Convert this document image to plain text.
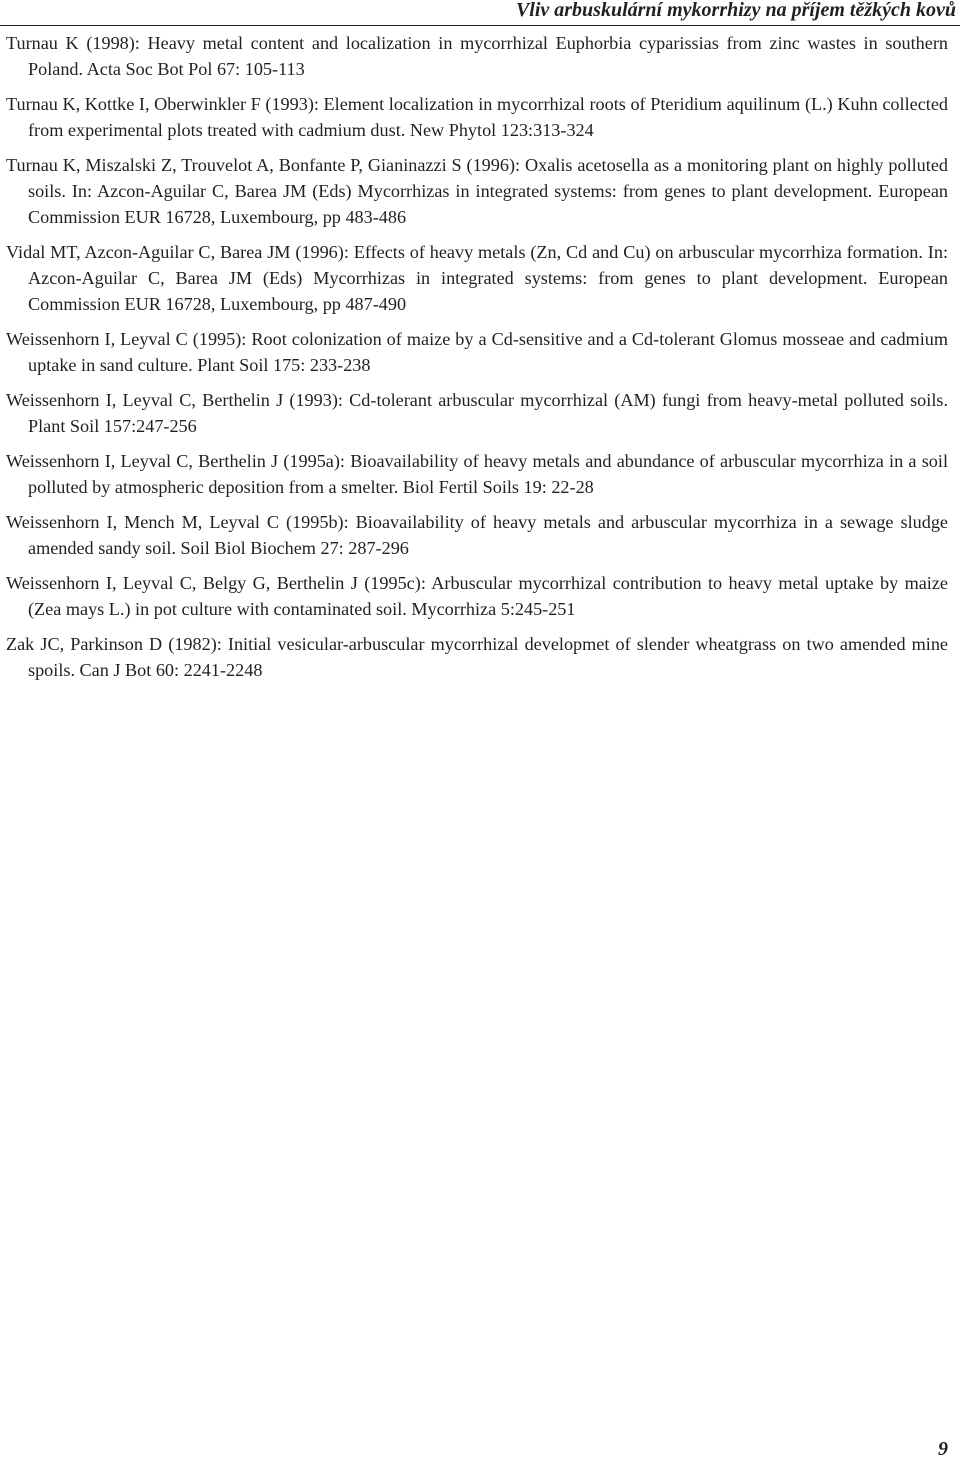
Vliv arbuskulární mykorrhizy na příjem těžkých kovů
Turnau K (1998): Heavy metal content and localization in mycorrhizal Euphorbia cyparissias from zinc wastes in southern Poland. Acta Soc Bot Pol 67: 105-113
Turnau K, Kottke I, Oberwinkler F (1993): Element localization in mycorrhizal roots of Pteridium aquilinum (L.) Kuhn collected from experimental plots treated with cadmium dust. New Phytol 123:313-324
Turnau K, Miszalski Z, Trouvelot A, Bonfante P, Gianinazzi S (1996): Oxalis acetosella as a monitoring plant on highly polluted soils. In: Azcon-Aguilar C, Barea JM (Eds) Mycorrhizas in integrated systems: from genes to plant development. European Commission EUR 16728, Luxembourg, pp 483-486
Vidal MT, Azcon-Aguilar C, Barea JM (1996): Effects of heavy metals (Zn, Cd and Cu) on arbuscular mycorrhiza formation. In: Azcon-Aguilar C, Barea JM (Eds) Mycorrhizas in integrated systems: from genes to plant development. European Commission EUR 16728, Luxembourg, pp 487-490
Weissenhorn I, Leyval C (1995): Root colonization of maize by a Cd-sensitive and a Cd-tolerant Glomus mosseae and cadmium uptake in sand culture. Plant Soil 175: 233-238
Weissenhorn I, Leyval C, Berthelin J (1993): Cd-tolerant arbuscular mycorrhizal (AM) fungi from heavy-metal polluted soils. Plant Soil 157:247-256
Weissenhorn I, Leyval C, Berthelin J (1995a): Bioavailability of heavy metals and abundance of arbuscular mycorrhiza in a soil polluted by atmospheric deposition from a smelter. Biol Fertil Soils 19: 22-28
Weissenhorn I, Mench M, Leyval C (1995b): Bioavailability of heavy metals and arbuscular mycorrhiza in a sewage sludge amended sandy soil. Soil Biol Biochem 27: 287-296
Weissenhorn I, Leyval C, Belgy G, Berthelin J (1995c): Arbuscular mycorrhizal contribution to heavy metal uptake by maize (Zea mays L.) in pot culture with contaminated soil. Mycorrhiza 5:245-251
Zak JC, Parkinson D (1982): Initial vesicular-arbuscular mycorrhizal developmet of slender wheatgrass on two amended mine spoils. Can J Bot 60: 2241-2248
9
